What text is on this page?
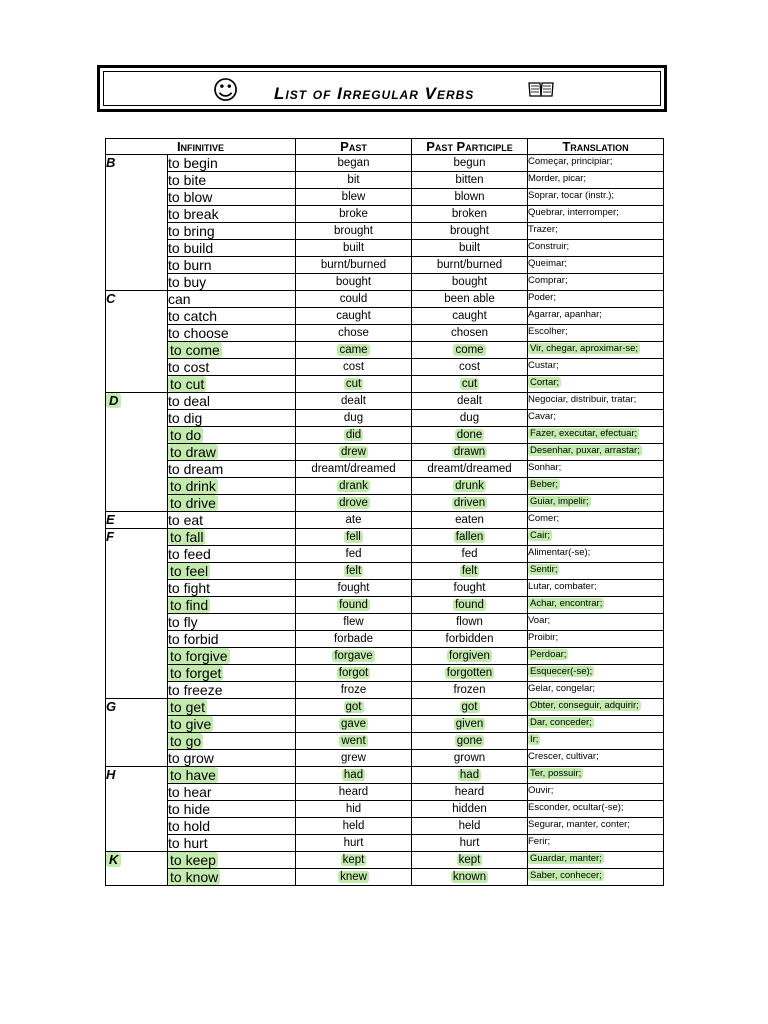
☺ List of Irregular Verbs
Infinitive		Past	Past Participle	Translation
B	to begin	began	begun	Começar, principiar;
	to bite	bit	bitten	Morder, picar;
	to blow	blew	blown	Soprar, tocar (instr.);
	to break	broke	broken	Quebrar, interromper;
	to bring	brought	brought	Trazer;
	to build	built	built	Construir;
	to burn	burnt/burned	burnt/burned	Queimar;
	to buy	bought	bought	Comprar;
C	can	could	been able	Poder;
	to catch	caught	caught	Agarrar, apanhar;
	to choose	chose	chosen	Escolher;
	to come	came	come	Vir, chegar, aproximar-se;
	to cost	cost	cost	Custar;
	to cut	cut	cut	Cortar;
D	to deal	dealt	dealt	Negociar, distribuir, tratar;
	to dig	dug	dug	Cavar;
	to do	did	done	Fazer, executar, efectuar;
	to draw	drew	drawn	Desenhar, puxar, arrastar;
	to dream	dreamt/dreamed	dreamt/dreamed	Sonhar;
	to drink	drank	drunk	Beber;
	to drive	drove	driven	Guiar, impelir;
E	to eat	ate	eaten	Comer;
F	to fall	fell	fallen	Cair;
	to feed	fed	fed	Alimentar(-se);
	to feel	felt	felt	Sentir;
	to fight	fought	fought	Lutar, combater;
	to find	found	found	Achar, encontrar;
	to fly	flew	flown	Voar;
	to forbid	forbade	forbidden	Proibir;
	to forgive	forgave	forgiven	Perdoar;
	to forget	forgot	forgotten	Esquecer(-se);
	to freeze	froze	frozen	Gelar, congelar;
G	to get	got	got	Obter, conseguir, adquirir;
	to give	gave	given	Dar, conceder;
	to go	went	gone	Ir;
	to grow	grew	grown	Crescer, cultivar;
H	to have	had	had	Ter, possuir;
	to hear	heard	heard	Ouvir;
	to hide	hid	hidden	Esconder, ocultar(-se);
	to hold	held	held	Segurar, manter, conter;
	to hurt	hurt	hurt	Ferir;
K	to keep	kept	kept	Guardar, manter;
	to know	knew	known	Saber, conhecer;
